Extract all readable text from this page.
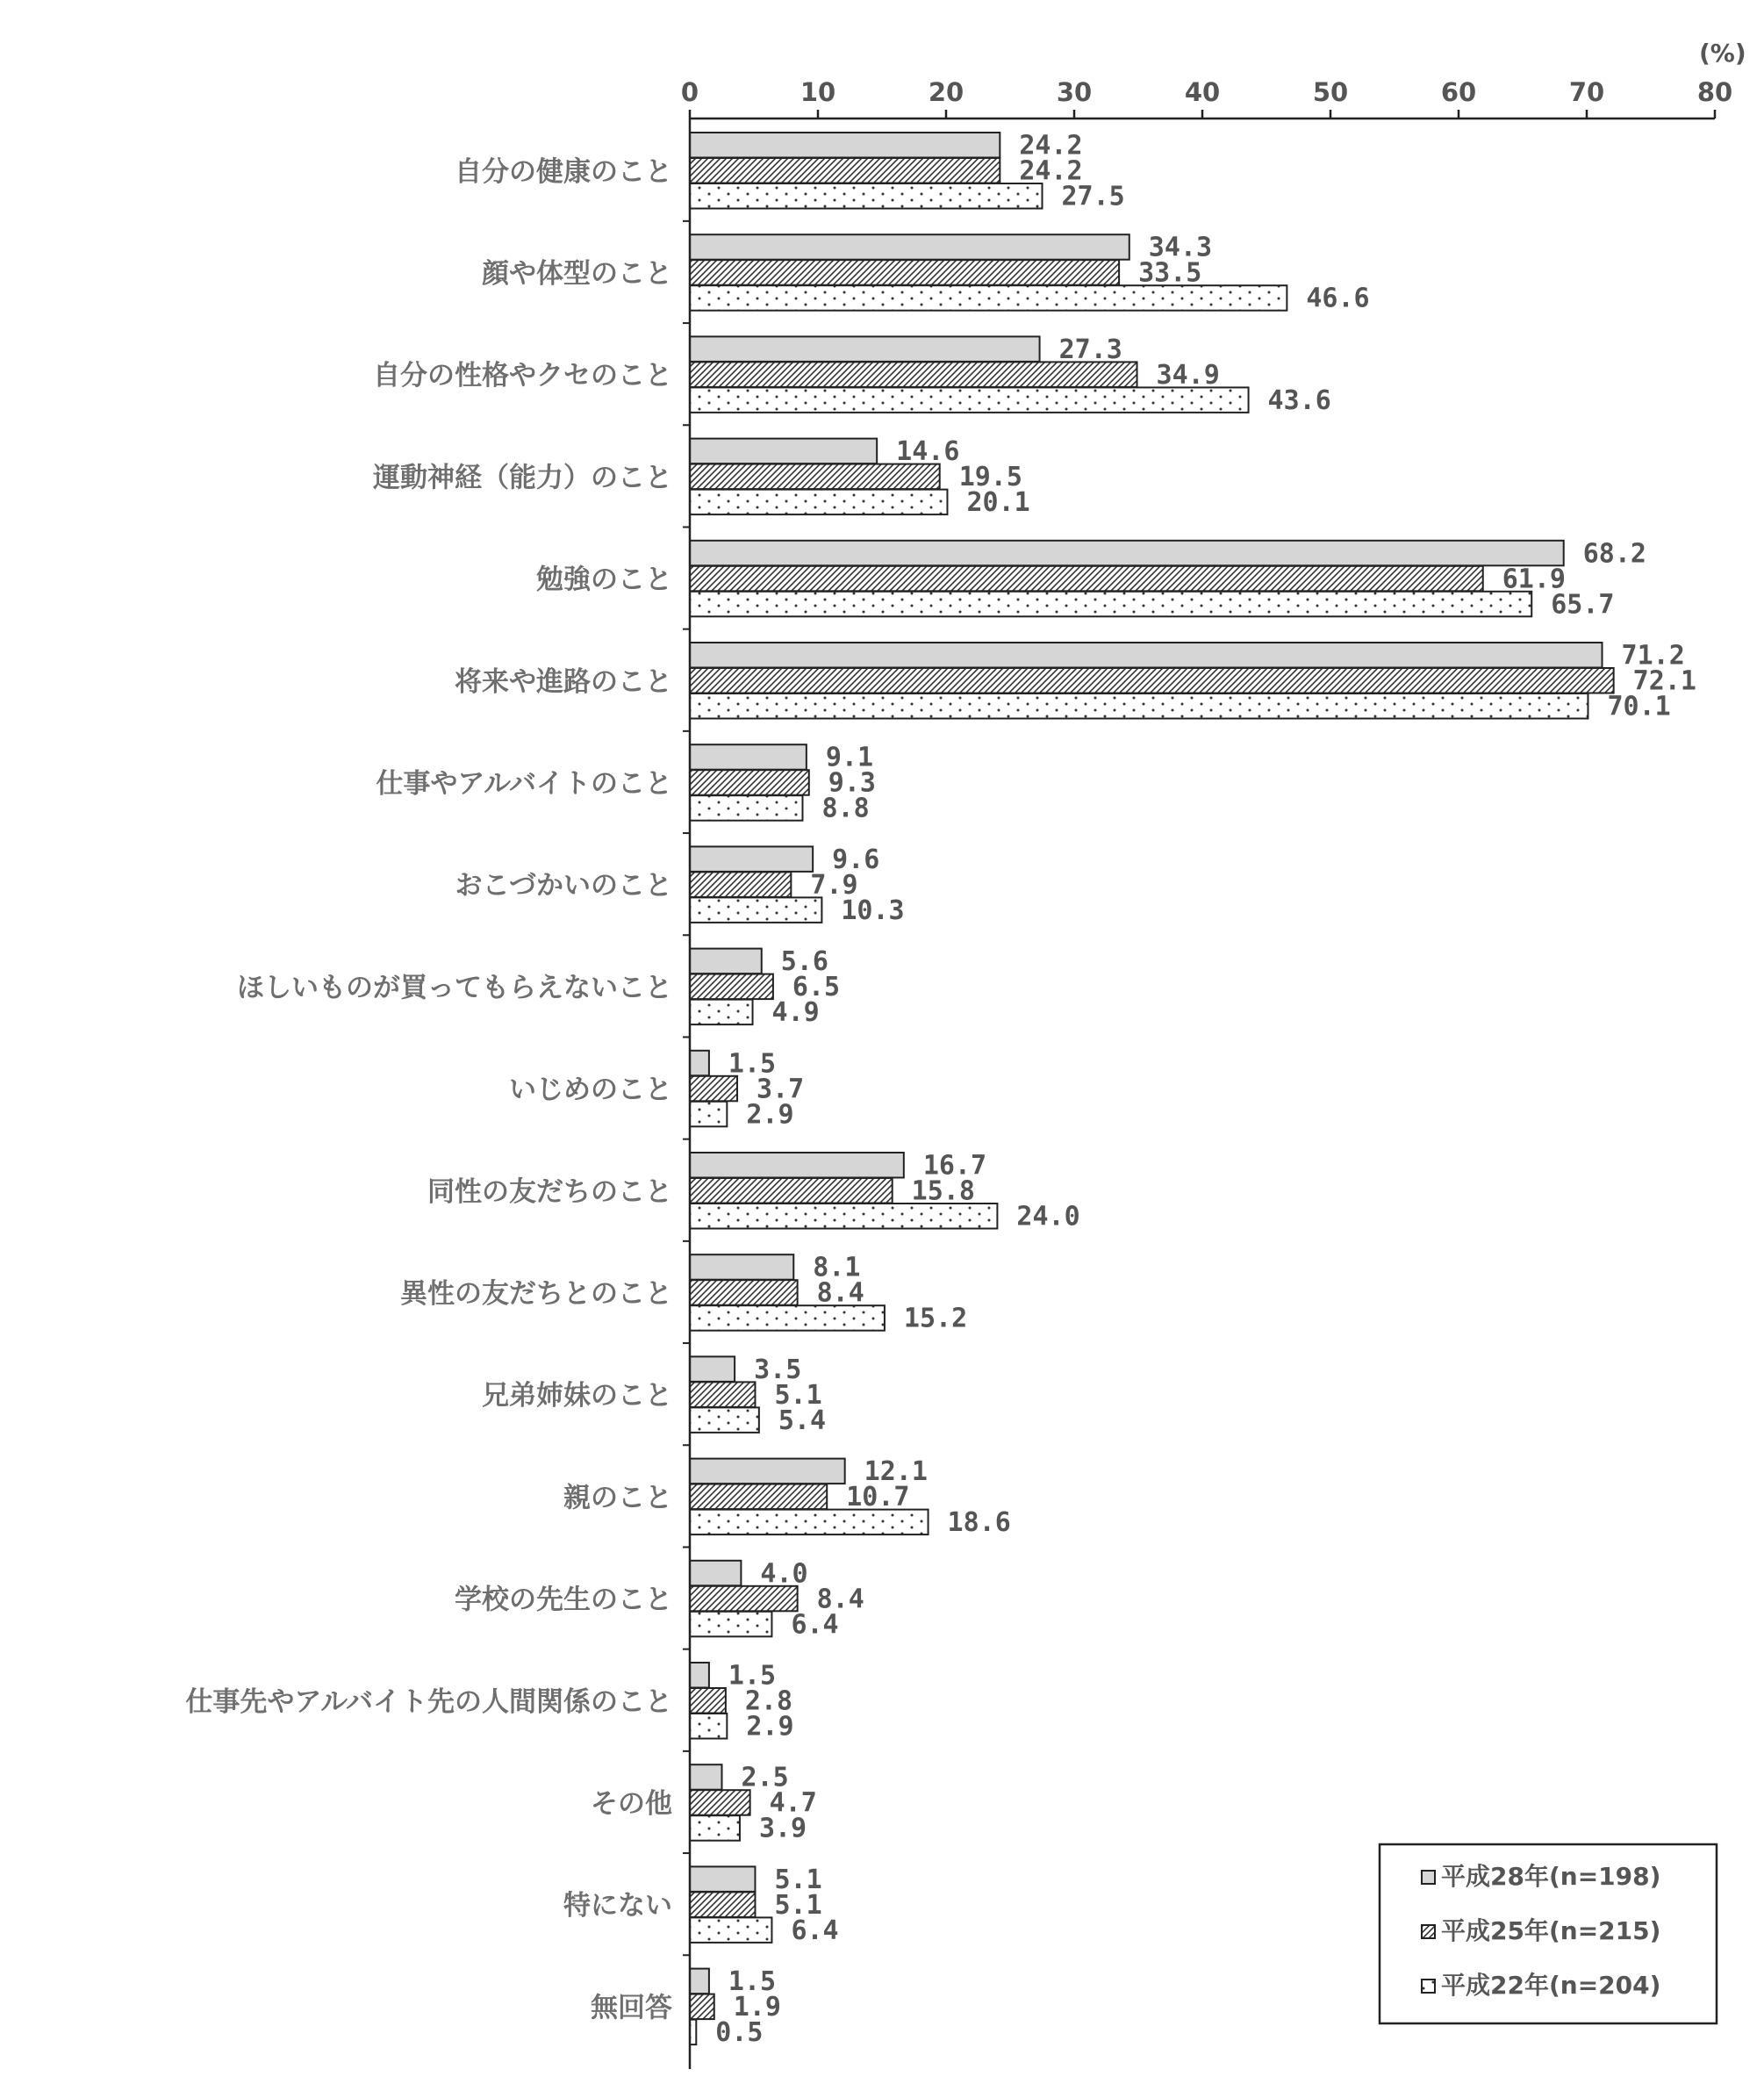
(%)
0	10	20	30	40	50	60	70	80
24.2
24.2
27.5
34.3
33.5
46.6
27.3
34.9
43.6
14.6
19.5
20.1
68.2
61.9
65.7
71.2
72.1
70.1
9.1
9.3
8.8
9.6
7.9
10.3
5.6
6.5
4.9
1.5
3.7
2.9
16.7
15.8
24.0
8.1
8.4
15.2
3.5
5.1
5.4
12.1
10.7
18.6
4.0
8.4
6.4
1.5
2.8
2.9
2.5
4.7
3.9
5.1
5.1
6.4
1.5
1.9
0.5
自分の健康のこと
顔や体型のこと
自分の性格やクセのこと
運動神経（能力）のこと
勉強のこと
将来や進路のこと
仕事やアルバイトのこと
おこづかいのこと
ほしいものが買ってもらえないこと
いじめのこと
同性の友だちのこと
異性の友だちとのこと
兄弟姉妹のこと
親のこと
学校の先生のこと
仕事先やアルバイト先の人間関係のこと
その他
特にない
無回答
平成28年(n=198)
平成25年(n=215)
平成22年(n=204)
